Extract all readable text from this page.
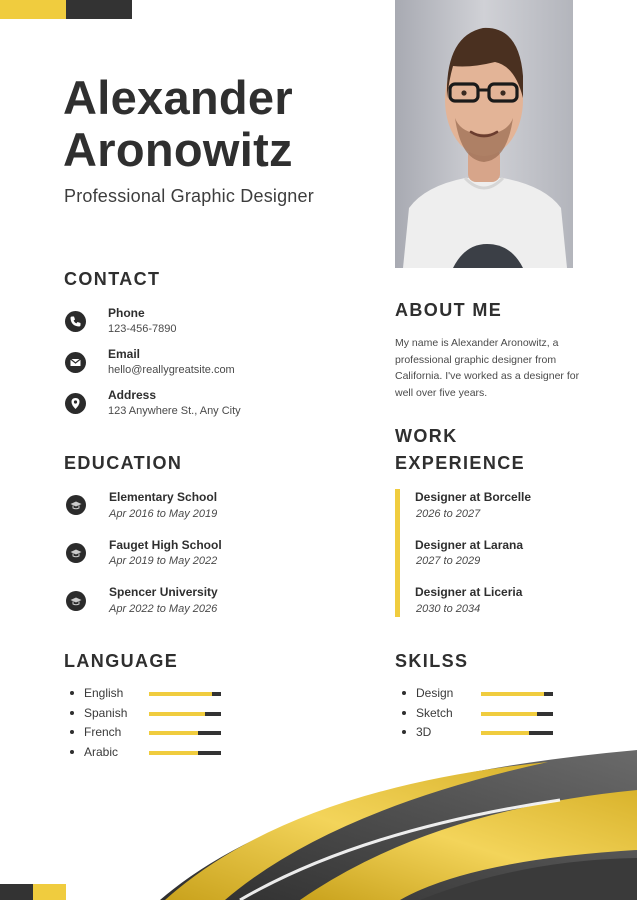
Alexander
Aronowitz
Professional Graphic Designer
CONTACT
Phone
123-456-7890
Email
hello@reallygreatsite.com
Address
123 Anywhere St., Any City
EDUCATION
Elementary School
Apr 2016 to May 2019
Fauget High School
Apr 2019 to May 2022
Spencer University
Apr 2022 to May 2026
ABOUT ME
My name is Alexander Aronowitz, a professional graphic designer from California. I've worked as a designer for well over five years.
WORK
EXPERIENCE
Designer at Borcelle
2026 to 2027
Designer at Larana
2027 to 2029
Designer at Liceria
2030 to 2034
LANGUAGE
English
Spanish
French
Arabic
SKILSS
Design
Sketch
3D
